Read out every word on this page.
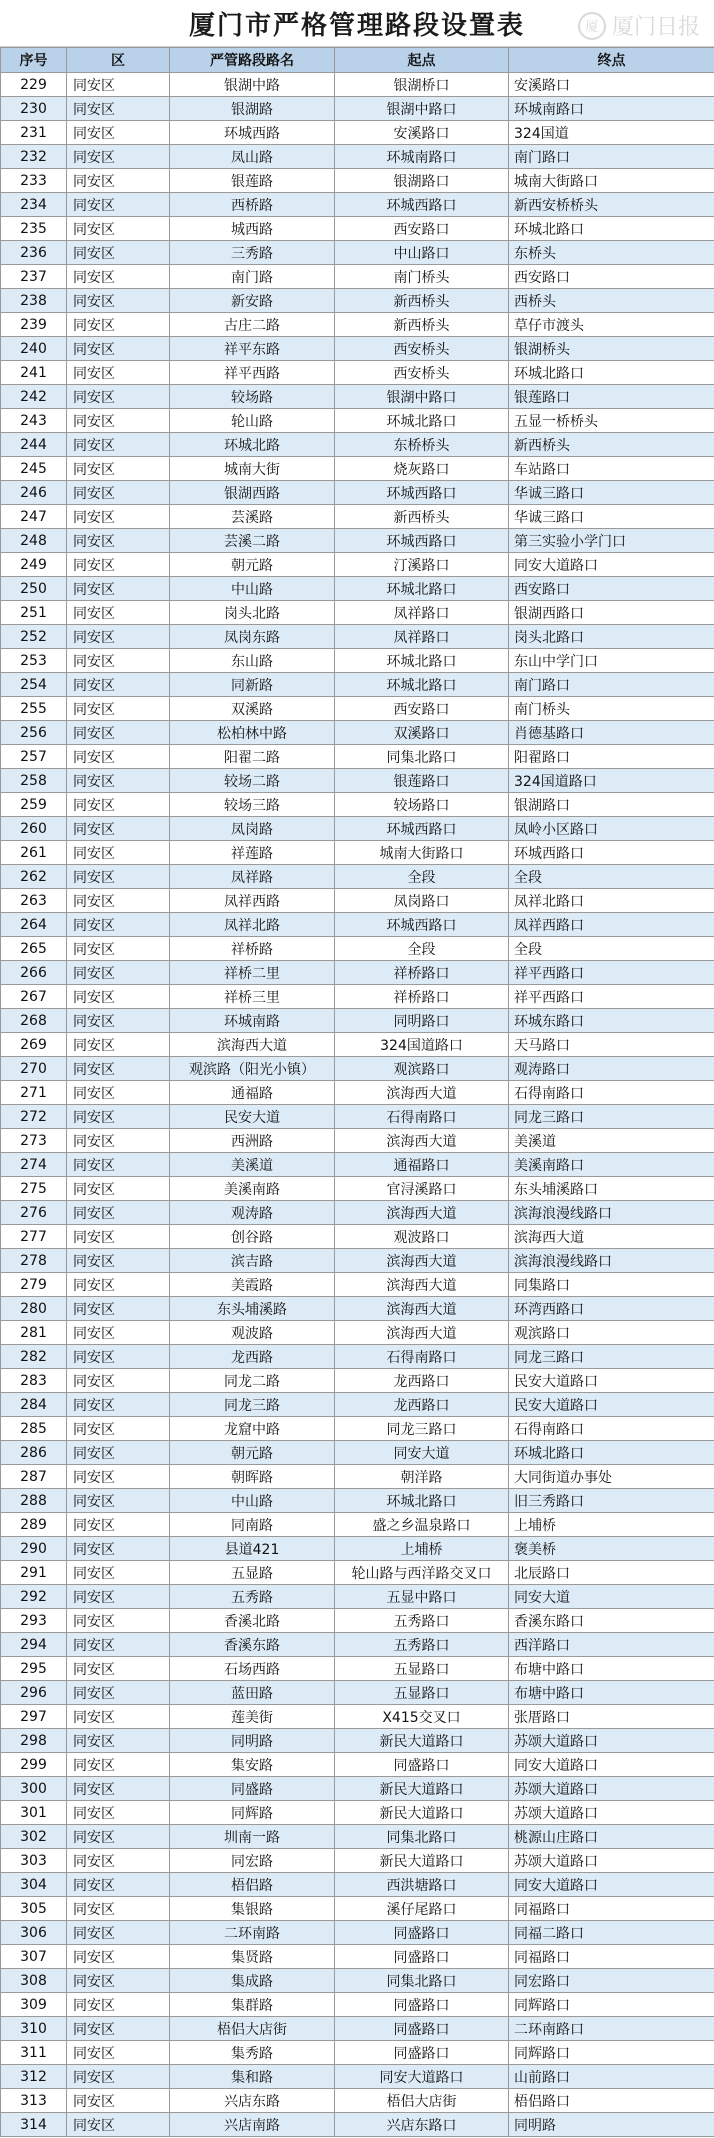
厦门市严格管理路段设置表	厦 厦门日报
序号	区	严管路段路名	起点	终点
229	同安区	银湖中路	银湖桥口	安溪路口
230	同安区	银湖路	银湖中路口	环城南路口
231	同安区	环城西路	安溪路口	324国道
232	同安区	凤山路	环城南路口	南门路口
233	同安区	银莲路	银湖路口	城南大街路口
234	同安区	西桥路	环城西路口	新西安桥桥头
235	同安区	城西路	西安路口	环城北路口
236	同安区	三秀路	中山路口	东桥头
237	同安区	南门路	南门桥头	西安路口
238	同安区	新安路	新西桥头	西桥头
239	同安区	古庄二路	新西桥头	草仔市渡头
240	同安区	祥平东路	西安桥头	银湖桥头
241	同安区	祥平西路	西安桥头	环城北路口
242	同安区	较场路	银湖中路口	银莲路口
243	同安区	轮山路	环城北路口	五显一桥桥头
244	同安区	环城北路	东桥桥头	新西桥头
245	同安区	城南大街	烧灰路口	车站路口
246	同安区	银湖西路	环城西路口	华诚三路口
247	同安区	芸溪路	新西桥头	华诚三路口
248	同安区	芸溪二路	环城西路口	第三实验小学门口
249	同安区	朝元路	汀溪路口	同安大道路口
250	同安区	中山路	环城北路口	西安路口
251	同安区	岗头北路	凤祥路口	银湖西路口
252	同安区	凤岗东路	凤祥路口	岗头北路口
253	同安区	东山路	环城北路口	东山中学门口
254	同安区	同新路	环城北路口	南门路口
255	同安区	双溪路	西安路口	南门桥头
256	同安区	松柏林中路	双溪路口	肖德基路口
257	同安区	阳翟二路	同集北路口	阳翟路口
258	同安区	较场二路	银莲路口	324国道路口
259	同安区	较场三路	较场路口	银湖路口
260	同安区	凤岗路	环城西路口	凤岭小区路口
261	同安区	祥莲路	城南大街路口	环城西路口
262	同安区	凤祥路	全段	全段
263	同安区	凤祥西路	凤岗路口	凤祥北路口
264	同安区	凤祥北路	环城西路口	凤祥西路口
265	同安区	祥桥路	全段	全段
266	同安区	祥桥二里	祥桥路口	祥平西路口
267	同安区	祥桥三里	祥桥路口	祥平西路口
268	同安区	环城南路	同明路口	环城东路口
269	同安区	滨海西大道	324国道路口	天马路口
270	同安区	观滨路（阳光小镇）	观滨路口	观涛路口
271	同安区	通福路	滨海西大道	石得南路口
272	同安区	民安大道	石得南路口	同龙三路口
273	同安区	西洲路	滨海西大道	美溪道
274	同安区	美溪道	通福路口	美溪南路口
275	同安区	美溪南路	官浔溪路口	东头埔溪路口
276	同安区	观涛路	滨海西大道	滨海浪漫线路口
277	同安区	创谷路	观波路口	滨海西大道
278	同安区	滨吉路	滨海西大道	滨海浪漫线路口
279	同安区	美霞路	滨海西大道	同集路口
280	同安区	东头埔溪路	滨海西大道	环湾西路口
281	同安区	观波路	滨海西大道	观滨路口
282	同安区	龙西路	石得南路口	同龙三路口
283	同安区	同龙二路	龙西路口	民安大道路口
284	同安区	同龙三路	龙西路口	民安大道路口
285	同安区	龙窟中路	同龙三路口	石得南路口
286	同安区	朝元路	同安大道	环城北路口
287	同安区	朝晖路	朝洋路	大同街道办事处
288	同安区	中山路	环城北路口	旧三秀路口
289	同安区	同南路	盛之乡温泉路口	上埔桥
290	同安区	县道421	上埔桥	褒美桥
291	同安区	五显路	轮山路与西洋路交叉口	北辰路口
292	同安区	五秀路	五显中路口	同安大道
293	同安区	香溪北路	五秀路口	香溪东路口
294	同安区	香溪东路	五秀路口	西洋路口
295	同安区	石场西路	五显路口	布塘中路口
296	同安区	蓝田路	五显路口	布塘中路口
297	同安区	莲美街	X415交叉口	张厝路口
298	同安区	同明路	新民大道路口	苏颂大道路口
299	同安区	集安路	同盛路口	同安大道路口
300	同安区	同盛路	新民大道路口	苏颂大道路口
301	同安区	同辉路	新民大道路口	苏颂大道路口
302	同安区	圳南一路	同集北路口	桃源山庄路口
303	同安区	同宏路	新民大道路口	苏颂大道路口
304	同安区	梧侣路	西洪塘路口	同安大道路口
305	同安区	集银路	溪仔尾路口	同福路口
306	同安区	二环南路	同盛路口	同福二路口
307	同安区	集贤路	同盛路口	同福路口
308	同安区	集成路	同集北路口	同宏路口
309	同安区	集群路	同盛路口	同辉路口
310	同安区	梧侣大店街	同盛路口	二环南路口
311	同安区	集秀路	同盛路口	同辉路口
312	同安区	集和路	同安大道路口	山前路口
313	同安区	兴店东路	梧侣大店街	梧侣路口
314	同安区	兴店南路	兴店东路口	同明路
